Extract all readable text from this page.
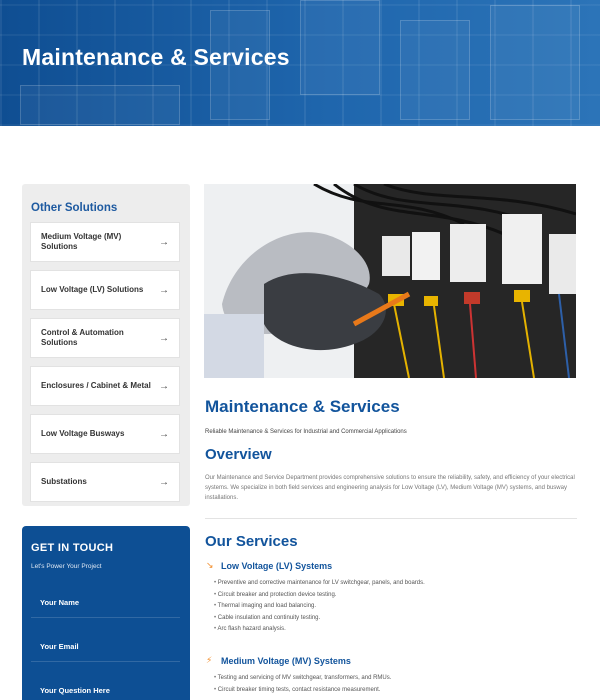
Maintenance & Services
Other Solutions
Medium Voltage (MV) Solutions	→
Low Voltage (LV) Solutions	→
Control & Automation Solutions	→
Enclosures / Cabinet & Metal →
Low Voltage Busways	→
Substations	→
GET IN TOUCH
Let's Power Your Project
Your Name
Your Email
Your Question Here
Maintenance & Services
Reliable Maintenance & Services for Industrial and Commercial Applications
Overview

Our Maintenance and Service Department provides comprehensive solutions to ensure the reliability, safety, and efficiency of your electrical systems. We specialize in both field services and engineering analysis for Low Voltage (LV), Medium Voltage (MV) systems, and busway installations.

Our Services
↘ Low Voltage (LV) Systems
• Preventive and corrective maintenance for LV switchgear, panels, and boards.
• Circuit breaker and protection device testing.
• Thermal imaging and load balancing.
• Cable insulation and continuity testing.
• Arc flash hazard analysis.
⚡ Medium Voltage (MV) Systems
• Testing and servicing of MV switchgear, transformers, and RMUs.
• Circuit breaker timing tests, contact resistance measurement.
